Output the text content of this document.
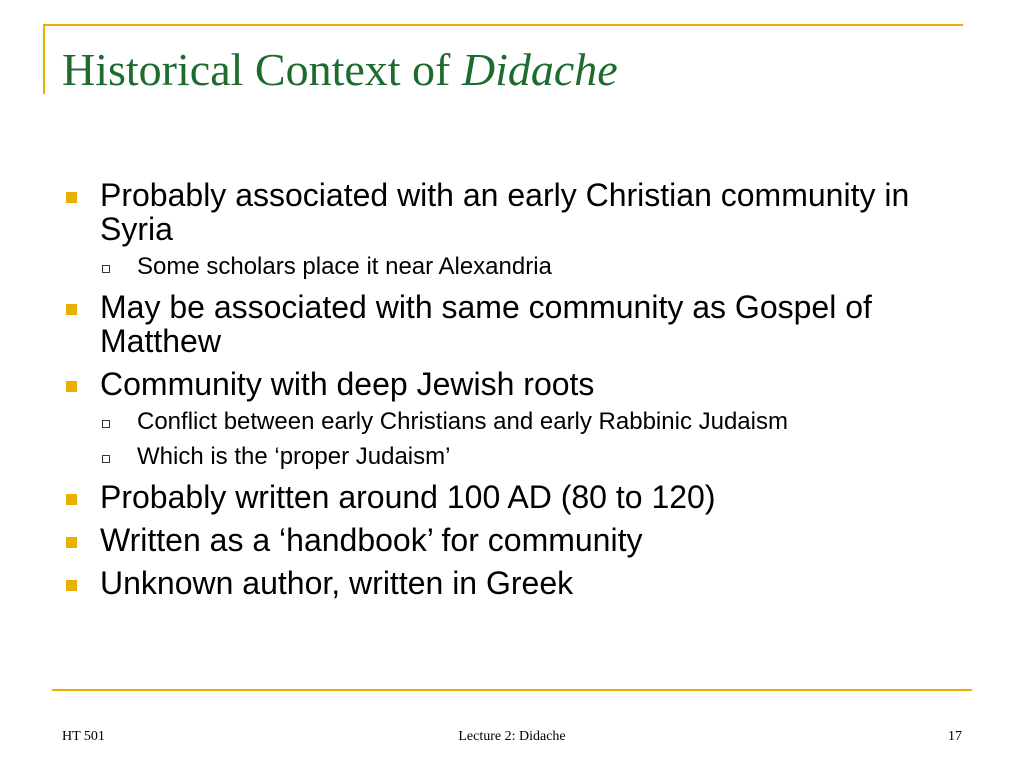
Historical Context of Didache
Probably associated with an early Christian community in Syria
Some scholars place it near Alexandria
May be associated with same community as Gospel of Matthew
Community with deep Jewish roots
Conflict between early Christians and early Rabbinic Judaism
Which is the ‘proper Judaism’
Probably written around 100 AD (80 to 120)
Written as a ‘handbook’ for community
Unknown author, written in Greek
HT 501	Lecture 2: Didache	17
